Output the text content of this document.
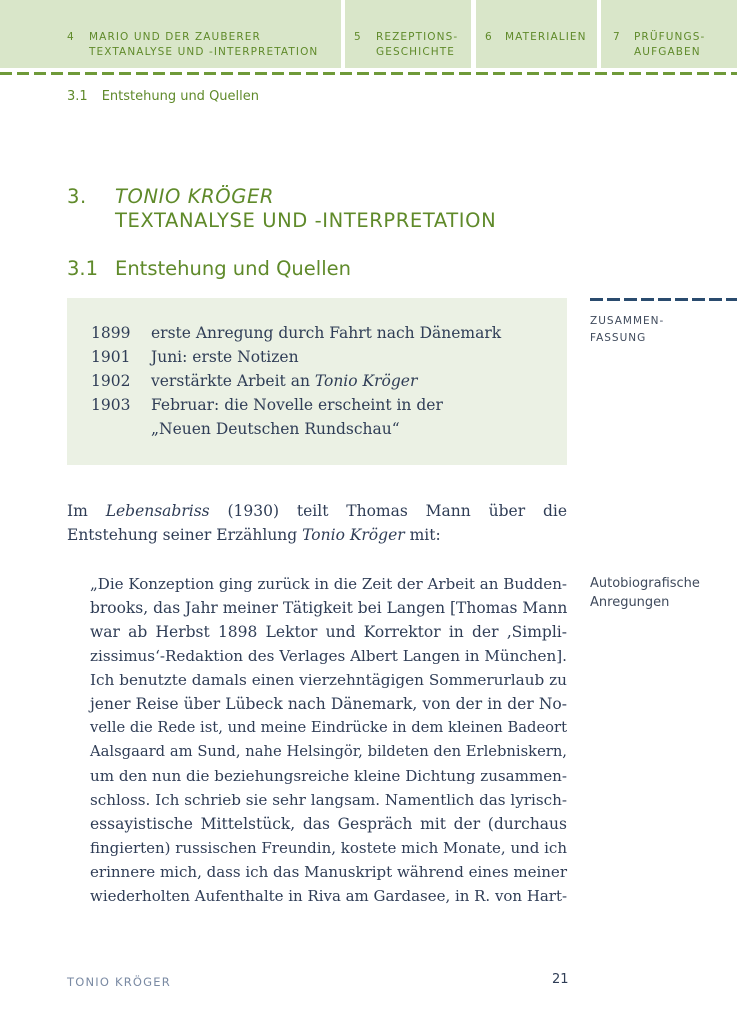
4 MARIO UND DER ZAUBERER
TEXTANALYSE UND -INTERPRETATION
5 REZEPTIONS-
GESCHICHTE
6 MATERIALIEN	7 PRÜFUNGS-
AUFGABEN
3.1 Entstehung und Quellen
3. TONIO KRÖGER
TEXTANALYSE UND -INTERPRETATION
3.1 Entstehung und Quellen
1899 erste Anregung durch Fahrt nach Dänemark
1901 Juni: erste Notizen
1902 verstärkte Arbeit an Tonio Kröger
1903 Februar: die Novelle erscheint in der
„Neuen Deutschen Rundschau“
ZUSAMMEN-
FASSUNG
Autobiografische
Anregungen
Im Lebensabriss (1930) teilt Thomas Mann über die Entstehung seiner Erzählung Tonio Kröger mit:
„Die Konzeption ging zurück in die Zeit der Arbeit an Budden-
brooks, das Jahr meiner Tätigkeit bei Langen [Thomas Mann
war ab Herbst 1898 Lektor und Korrektor in der ‚Simpli-
zissimus‘-Redaktion des Verlages Albert Langen in München].
Ich benutzte damals einen vierzehntägigen Sommerurlaub zu
jener Reise über Lübeck nach Dänemark, von der in der No-
velle die Rede ist, und meine Eindrücke in dem kleinen Badeort
Aalsgaard am Sund, nahe Helsingör, bildeten den Erlebniskern,
um den nun die beziehungsreiche kleine Dichtung zusammen-
schloss. Ich schrieb sie sehr langsam. Namentlich das lyrisch-
essayistische Mittelstück, das Gespräch mit der (durchaus
fingierten) russischen Freundin, kostete mich Monate, und ich
erinnere mich, dass ich das Manuskript während eines meiner
wiederholten Aufenthalte in Riva am Gardasee, in R. von Hart-
TONIO KRÖGER	21
